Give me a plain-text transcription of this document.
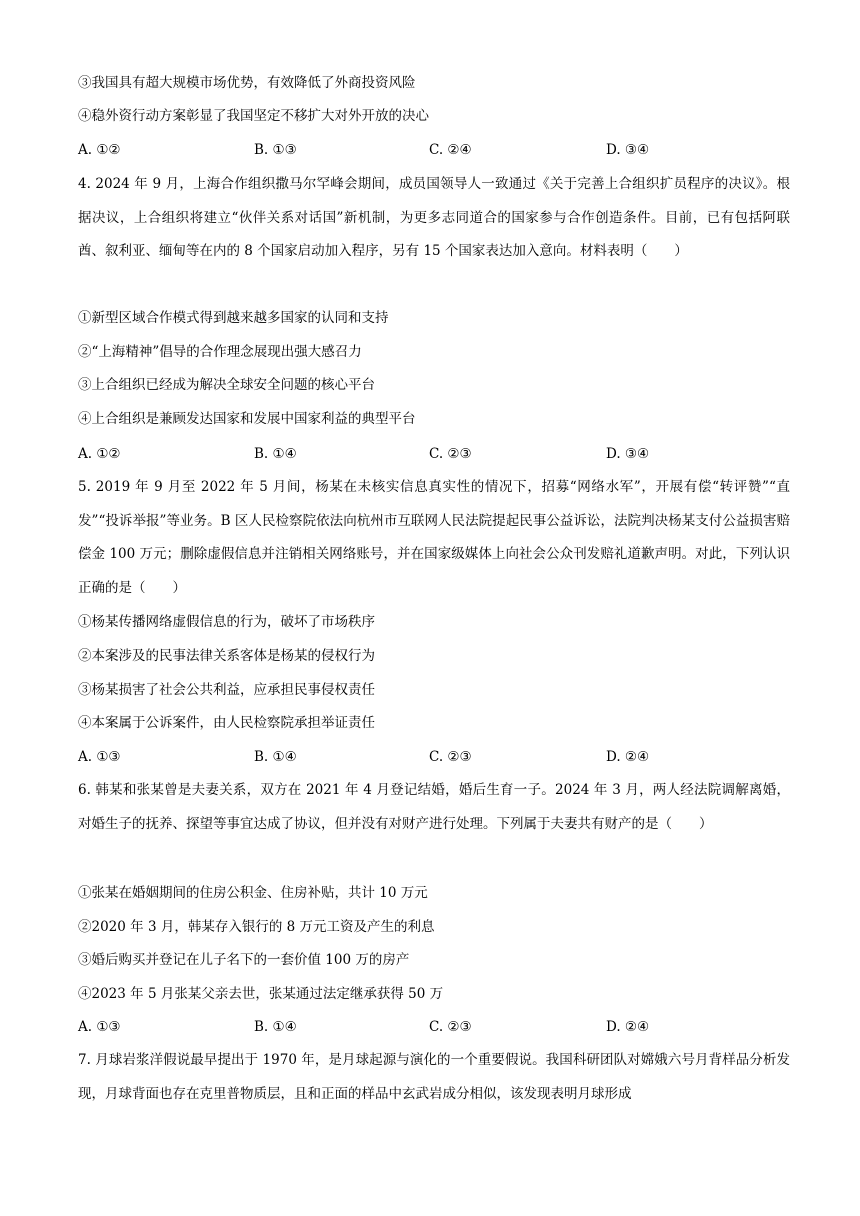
③我国具有超大规模市场优势，有效降低了外商投资风险
④稳外资行动方案彰显了我国坚定不移扩大对外开放的决心
A. ①②	B. ①③	C. ②④	D. ③④
4. 2024 年 9 月，上海合作组织撒马尔罕峰会期间，成员国领导人一致通过《关于完善上合组织扩员程序的决议》。根据决议，上合组织将建立“伙伴关系对话国”新机制，为更多志同道合的国家参与合作创造条件。目前，已有包括阿联酋、叙利亚、缅甸等在内的 8 个国家启动加入程序，另有 15 个国家表达加入意向。材料表明（　　）
①新型区域合作模式得到越来越多国家的认同和支持
②“上海精神”倡导的合作理念展现出强大感召力
③上合组织已经成为解决全球安全问题的核心平台
④上合组织是兼顾发达国家和发展中国家利益的典型平台
A. ①②	B. ①④	C. ②③	D. ③④
5. 2019 年 9 月至 2022 年 5 月间，杨某在未核实信息真实性的情况下，招募“网络水军”，开展有偿“转评赞”“直发”“投诉举报”等业务。B 区人民检察院依法向杭州市互联网人民法院提起民事公益诉讼，法院判决杨某支付公益损害赔偿金 100 万元；删除虚假信息并注销相关网络账号，并在国家级媒体上向社会公众刊发赔礼道歉声明。对此，下列认识正确的是（　　）
①杨某传播网络虚假信息的行为，破坏了市场秩序
②本案涉及的民事法律关系客体是杨某的侵权行为
③杨某损害了社会公共利益，应承担民事侵权责任
④本案属于公诉案件，由人民检察院承担举证责任
A. ①③	B. ①④	C. ②③	D. ②④
6. 韩某和张某曾是夫妻关系，双方在 2021 年 4 月登记结婚，婚后生育一子。2024 年 3 月，两人经法院调解离婚，对婚生子的抚养、探望等事宜达成了协议，但并没有对财产进行处理。下列属于夫妻共有财产的是（　　）
①张某在婚姻期间的住房公积金、住房补贴，共计 10 万元
②2020 年 3 月，韩某存入银行的 8 万元工资及产生的利息
③婚后购买并登记在儿子名下的一套价值 100 万的房产
④2023 年 5 月张某父亲去世，张某通过法定继承获得 50 万
A. ①③	B. ①④	C. ②③	D. ②④
7. 月球岩浆洋假说最早提出于 1970 年，是月球起源与演化的一个重要假说。我国科研团队对嫦娥六号月背样品分析发现，月球背面也存在克里普物质层，且和正面的样品中玄武岩成分相似，该发现表明月球形成
